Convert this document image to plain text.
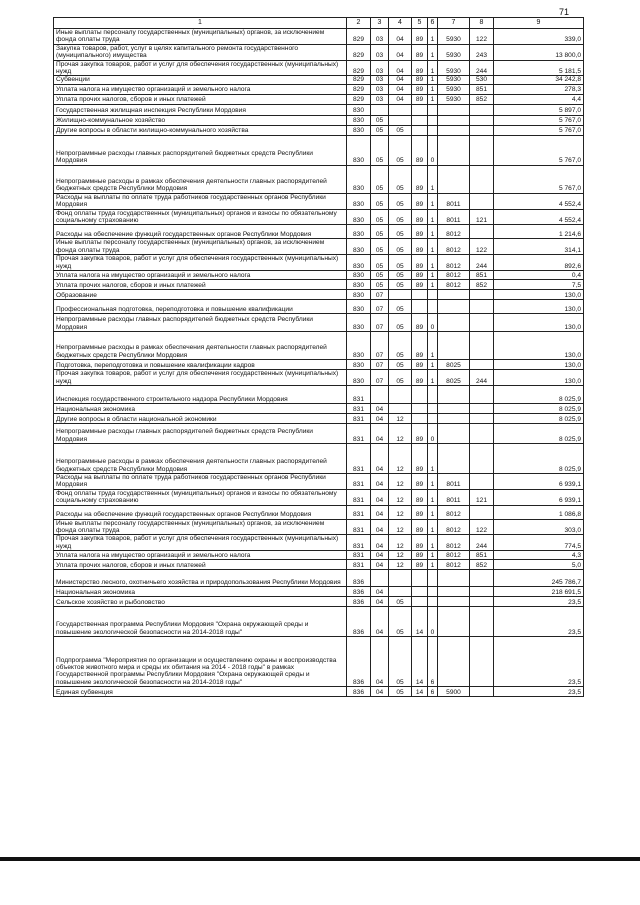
71
1	2	3	4	5	6	7	8	9
Иные выплаты персоналу государственных (муниципальных) органов, за исключением фонда оплаты труда	829	03	04	89	1	5930	122	339,0
Закупка товаров, работ, услуг в целях капитального ремонта государственного (муниципального) имущества	829	03	04	89	1	5930	243	13 800,0
Прочая закупка товаров, работ и услуг для обеспечения государственных (муниципальных) нужд	829	03	04	89	1	5930	244	5 181,5
Субвенции	829	03	04	89	1	5930	530	34 242,8
Уплата налога на имущество организаций и земельного налога	829	03	04	89	1	5930	851	278,3
Уплата прочих налогов, сборов и иных платежей	829	03	04	89	1	5930	852	4,4
Государственная жилищная инспекция Республики Мордовия	830							5 897,0
Жилищно-коммунальное хозяйство	830	05						5 767,0
Другие вопросы в области жилищно-коммунального хозяйства	830	05	05					5 767,0
Непрограммные расходы главных распорядителей бюджетных средств Республики Мордовия	830	05	05	89	0			5 767,0
Непрограммные расходы в рамках обеспечения деятельности главных распорядителей бюджетных средств Республики Мордовия	830	05	05	89	1			5 767,0
Расходы на выплаты по оплате труда работников государственных органов Республики Мордовия	830	05	05	89	1	8011		4 552,4
Фонд оплаты труда государственных (муниципальных) органов и взносы по обязательному социальному страхованию	830	05	05	89	1	8011	121	4 552,4
Расходы на обеспечение функций государственных органов Республики Мордовия	830	05	05	89	1	8012		1 214,6
Иные выплаты персоналу государственных (муниципальных) органов, за исключением фонда оплаты труда	830	05	05	89	1	8012	122	314,1
Прочая закупка товаров, работ и услуг для обеспечения государственных (муниципальных) нужд	830	05	05	89	1	8012	244	892,6
Уплата налога на имущество организаций и земельного налога	830	05	05	89	1	8012	851	0,4
Уплата прочих налогов, сборов и иных платежей	830	05	05	89	1	8012	852	7,5
Образование	830	07						130,0
Профессиональная подготовка, переподготовка и повышение квалификации	830	07	05					130,0
Непрограммные расходы главных распорядителей бюджетных средств Республики Мордовия	830	07	05	89	0			130,0
Непрограммные расходы в рамках обеспечения деятельности главных распорядителей бюджетных средств Республики Мордовия	830	07	05	89	1			130,0
Подготовка, переподготовка и повышение квалификации кадров	830	07	05	89	1	8025		130,0
Прочая закупка товаров, работ и услуг для обеспечения государственных (муниципальных) нужд	830	07	05	89	1	8025	244	130,0
Инспекция государственного строительного надзора Республики Мордовия	831							8 025,9
Национальная экономика	831	04						8 025,9
Другие вопросы в области национальной экономики	831	04	12					8 025,9
Непрограммные расходы главных распорядителей бюджетных средств Республики Мордовия	831	04	12	89	0			8 025,9
Непрограммные расходы в рамках обеспечения деятельности главных распорядителей бюджетных средств Республики Мордовия	831	04	12	89	1			8 025,9
Расходы на выплаты по оплате труда работников государственных органов Республики Мордовия	831	04	12	89	1	8011		6 939,1
Фонд оплаты труда государственных (муниципальных) органов и взносы по обязательному социальному страхованию	831	04	12	89	1	8011	121	6 939,1
Расходы на обеспечение функций государственных органов Республики Мордовия	831	04	12	89	1	8012		1 086,8
Иные выплаты персоналу государственных (муниципальных) органов, за исключением фонда оплаты труда	831	04	12	89	1	8012	122	303,0
Прочая закупка товаров, работ и услуг для обеспечения государственных (муниципальных) нужд	831	04	12	89	1	8012	244	774,5
Уплата налога на имущество организаций и земельного налога	831	04	12	89	1	8012	851	4,3
Уплата прочих налогов, сборов и иных платежей	831	04	12	89	1	8012	852	5,0
Министерство лесного, охотничьего хозяйства и природопользования Республики Мордовия	836							245 786,7
Национальная экономика	836	04						218 691,5
Сельское хозяйство и рыболовство	836	04	05					23,5
Государственная программа Республики Мордовия "Охрана окружающей среды и повышение экологической безопасности на 2014-2018 годы"	836	04	05	14	0			23,5
Подпрограмма "Мероприятия по организации и осуществлению охраны и воспроизводства объектов животного мира и среды их обитания на 2014 - 2018 годы" в рамках Государственной программы Республики Мордовия "Охрана окружающей среды и повышение экологической безопасности на 2014-2018 годы"	836	04	05	14	6			23,5
Единая субвенция	836	04	05	14	6	5900		23,5
